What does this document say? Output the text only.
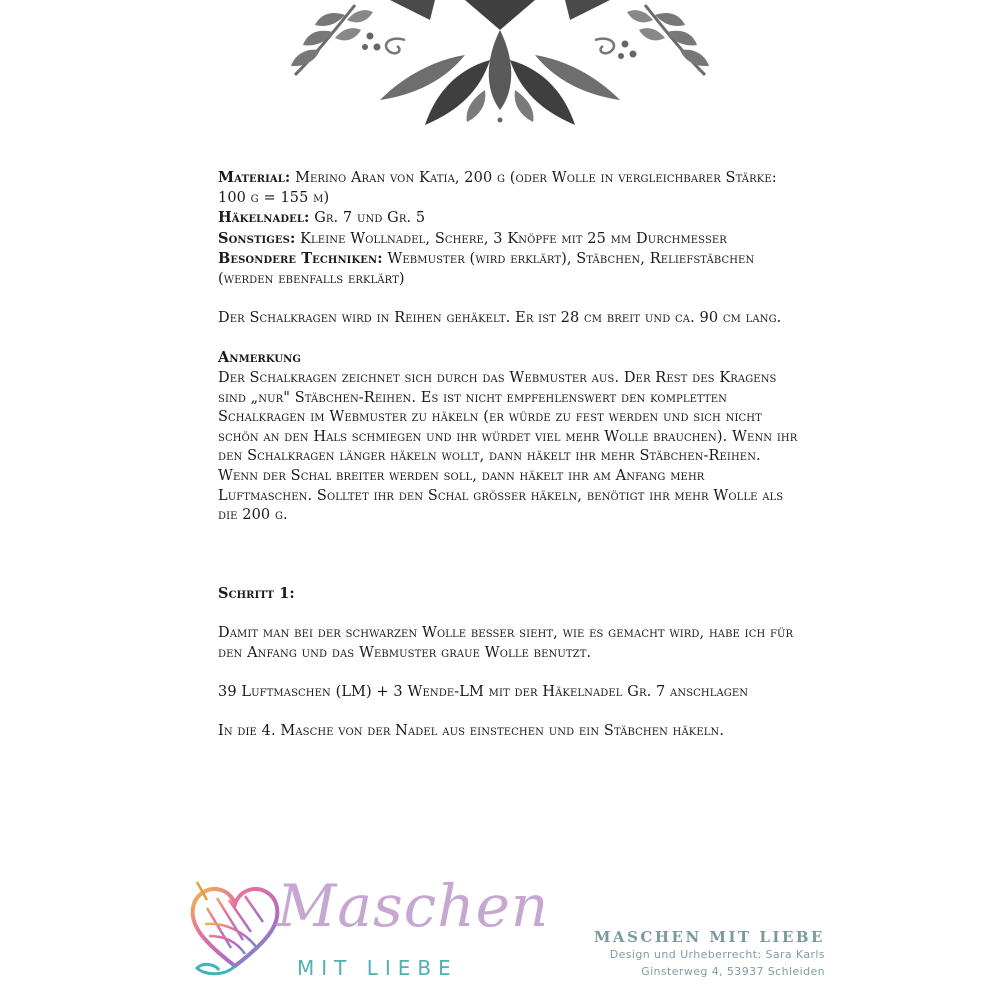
Material: Merino Aran von Katia, 200 g (oder Wolle in vergleichbarer Stärke: 100 g = 155 m)

Häkelnadel: Gr. 7 und Gr. 5

Sonstiges: Kleine Wollnadel, Schere, 3 Knöpfe mit 25 mm Durchmesser

Besondere Techniken: Webmuster (wird erklärt), Stäbchen, Reliefstäbchen (werden ebenfalls erklärt)

Der Schalkragen wird in Reihen gehäkelt. Er ist 28 cm breit und ca. 90 cm lang.

Anmerkung

Der Schalkragen zeichnet sich durch das Webmuster aus. Der Rest des Kragens sind „nur" Stäbchen-Reihen. Es ist nicht empfehlenswert den kompletten Schalkragen im Webmuster zu häkeln (er würde zu fest werden und sich nicht schön an den Hals schmiegen und ihr würdet viel mehr Wolle brauchen). Wenn ihr den Schalkragen länger häkeln wollt, dann häkelt ihr mehr Stäbchen-Reihen. Wenn der Schal breiter werden soll, dann häkelt ihr am Anfang mehr Luftmaschen. Solltet ihr den Schal grösser häkeln, benötigt ihr mehr Wolle als die 200 g.

Schritt 1:

Damit man bei der schwarzen Wolle besser sieht, wie es gemacht wird, habe ich für den Anfang und das Webmuster graue Wolle benutzt.

39 Luftmaschen (LM) + 3 Wende-LM mit der Häkelnadel Gr. 7 anschlagen

In die 4. Masche von der Nadel aus einstechen und ein Stäbchen häkeln.

Maschen
MIT LIEBE
MASCHEN MIT LIEBE
Design und Urheberrecht: Sara Karls
Ginsterweg 4, 53937 Schleiden
